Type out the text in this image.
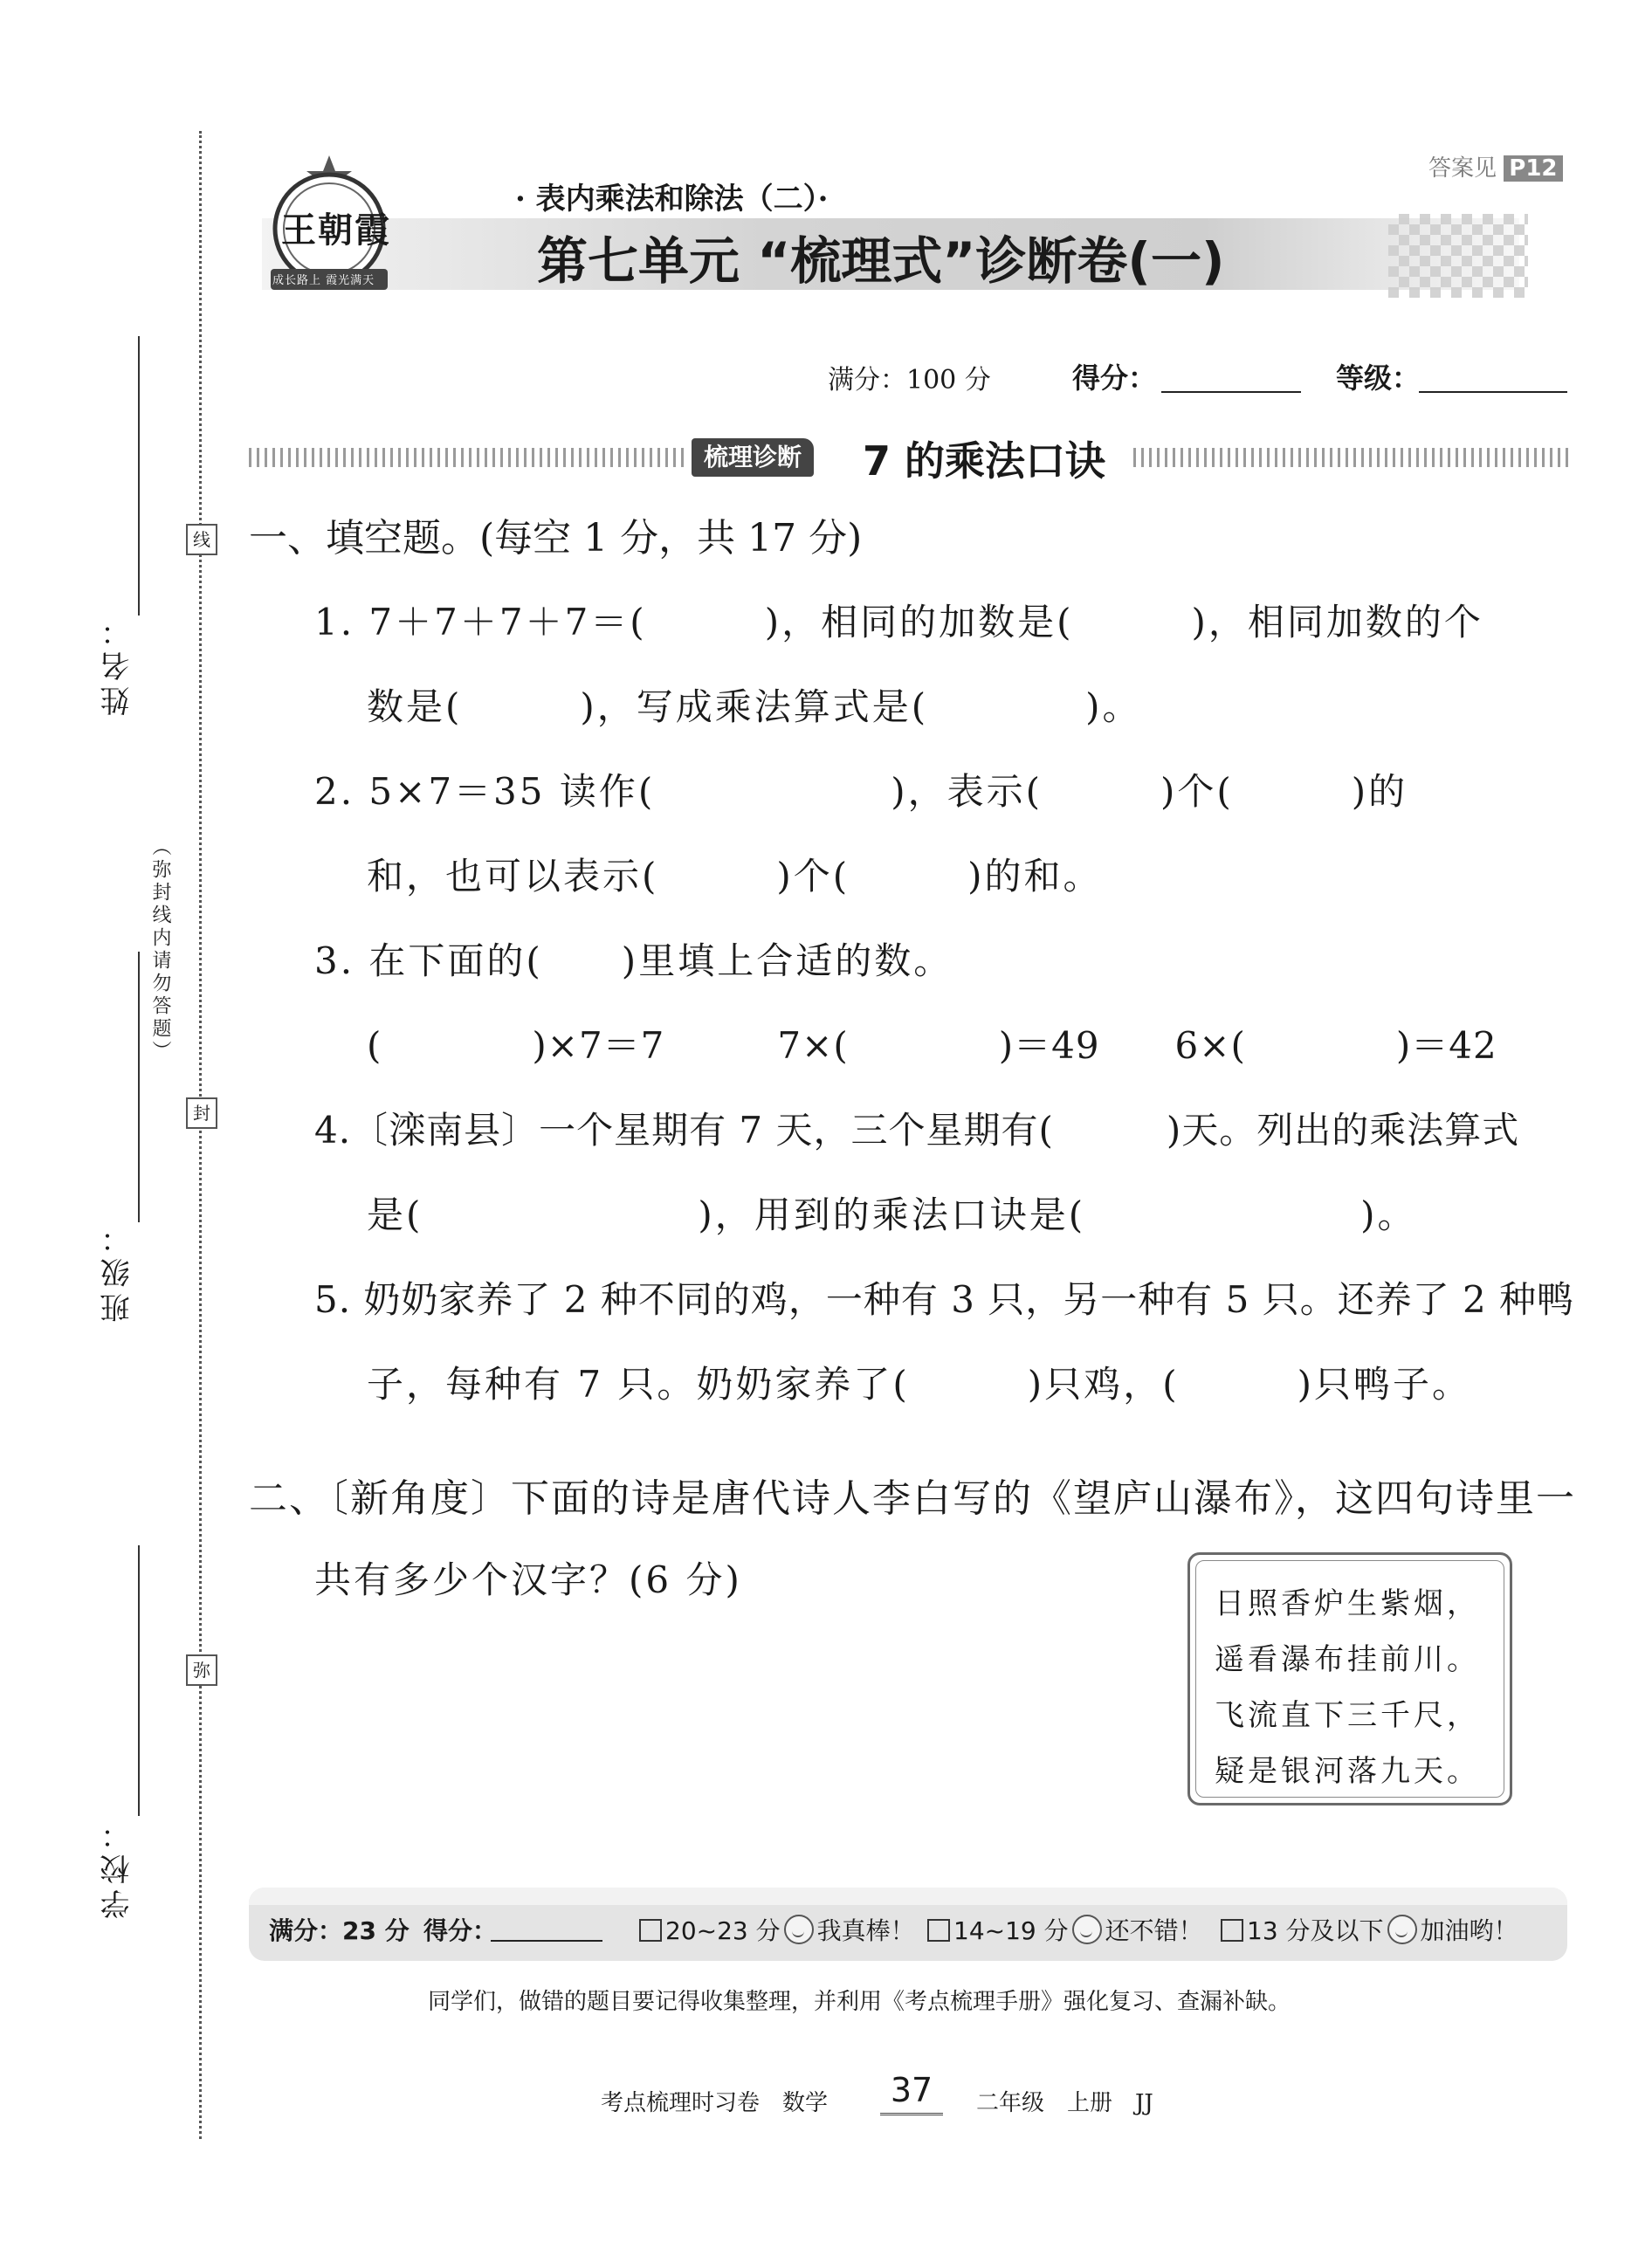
线
封
弥
姓名：
（弥封线内请勿答题）
班级：
学校：
答案见 P12
王朝霞
成长路上 霞光满天
· 表内乘法和除法（二）·
第七单元 “梳理式”诊断卷(一)
满分：100 分	得分：	等级：
梳理诊断	7 的乘法口诀
一、填空题。(每空 1 分，共 17 分)
1. 7＋7＋7＋7＝(　　　)，相同的加数是(　　　)，相同加数的个
数是(　　　)，写成乘法算式是(　　　　)。
2. 5×7＝35 读作(　　　　　　)，表示(　　　)个(　　　)的
和，也可以表示(　　　)个(　　　)的和。
3. 在下面的(　　)里填上合适的数。
(　　　　)×7＝7　　　7×(　　　　)＝49　　6×(　　　　)＝42
4.〔滦南县〕一个星期有 7 天，三个星期有(　　　)天。列出的乘法算式
是(　　　　　　　)，用到的乘法口诀是(　　　　　　　)。
5. 奶奶家养了 2 种不同的鸡，一种有 3 只，另一种有 5 只。还养了 2 种鸭
子，每种有 7 只。奶奶家养了(　　　)只鸡，(　　　)只鸭子。
二、〔新角度〕下面的诗是唐代诗人李白写的《望庐山瀑布》，这四句诗里一
共有多少个汉字？(6 分)
日照香炉生紫烟，
遥看瀑布挂前川。
飞流直下三千尺，
疑是银河落九天。
满分：23 分 得分：	20~23 分 我真棒！	14~19 分 还不错！	13 分及以下 加油哟！
同学们，做错的题目要记得收集整理，并利用《考点梳理手册》强化复习、查漏补缺。
考点梳理时习卷　数学	37	二年级　上册　JJ
